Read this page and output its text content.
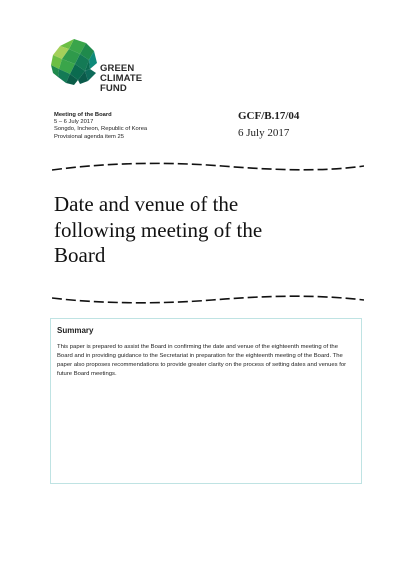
GREEN
CLIMATE
FUND
Meeting of the Board
5 – 6 July 2017
Songdo, Incheon, Republic of Korea
Provisional agenda item 25
GCF/B.17/04
6 July 2017
Date and venue of the
following meeting of the
Board
Summary
This paper is prepared to assist the Board in confirming the date and venue of the eighteenth meeting of the Board and in providing guidance to the Secretariat in preparation for the eighteenth meeting of the Board. The paper also proposes recommendations to provide greater clarity on the process of setting dates and venues for future Board meetings.
